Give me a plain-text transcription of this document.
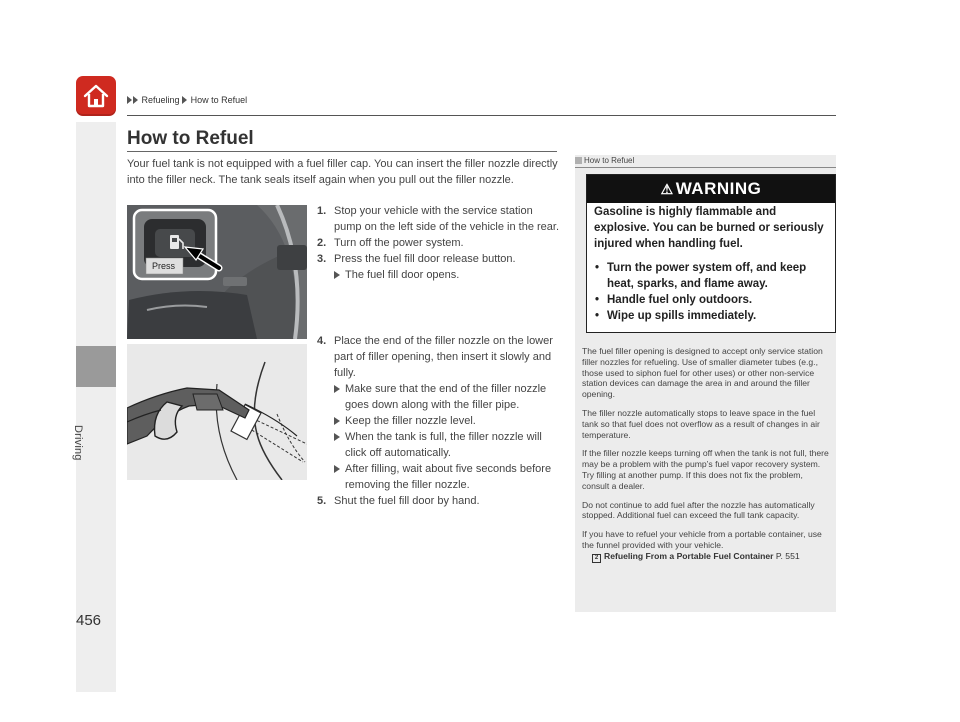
Refueling How to Refuel
Driving
456
How to Refuel
Your fuel tank is not equipped with a fuel filler cap. You can insert the filler nozzle directly into the filler neck. The tank seals itself again when you pull out the filler nozzle.
Press

1. Stop your vehicle with the service station pump on the left side of the vehicle in the rear.

2. Turn off the power system.

3. Press the fuel fill door release button.

The fuel fill door opens.

4. Place the end of the filler nozzle on the lower part of filler opening, then insert it slowly and fully.

Make sure that the end of the filler nozzle goes down along with the filler pipe.

Keep the filler nozzle level.

When the tank is full, the filler nozzle will click off automatically.

After filling, wait about five seconds before removing the filler nozzle.

5. Shut the fuel fill door by hand.

How to Refuel
⚠ WARNING
Gasoline is highly flammable and explosive. You can be burned or seriously injured when handling fuel.
• Turn the power system off, and keep heat, sparks, and flame away.
• Handle fuel only outdoors.
• Wipe up spills immediately.

The fuel filler opening is designed to accept only service station filler nozzles for refueling. Use of smaller diameter tubes (e.g., those used to siphon fuel for other uses) or other non-service station devices can damage the area in and around the filler opening.

The filler nozzle automatically stops to leave space in the fuel tank so that fuel does not overflow as a result of changes in air temperature.

If the filler nozzle keeps turning off when the tank is not full, there may be a problem with the pump’s fuel vapor recovery system. Try filling at another pump. If this does not fix the problem, consult a dealer.

Do not continue to add fuel after the nozzle has automatically stopped. Additional fuel can exceed the full tank capacity.

If you have to refuel your vehicle from a portable container, use the funnel provided with your vehicle.

2 Refueling From a Portable Fuel Container P. 551
